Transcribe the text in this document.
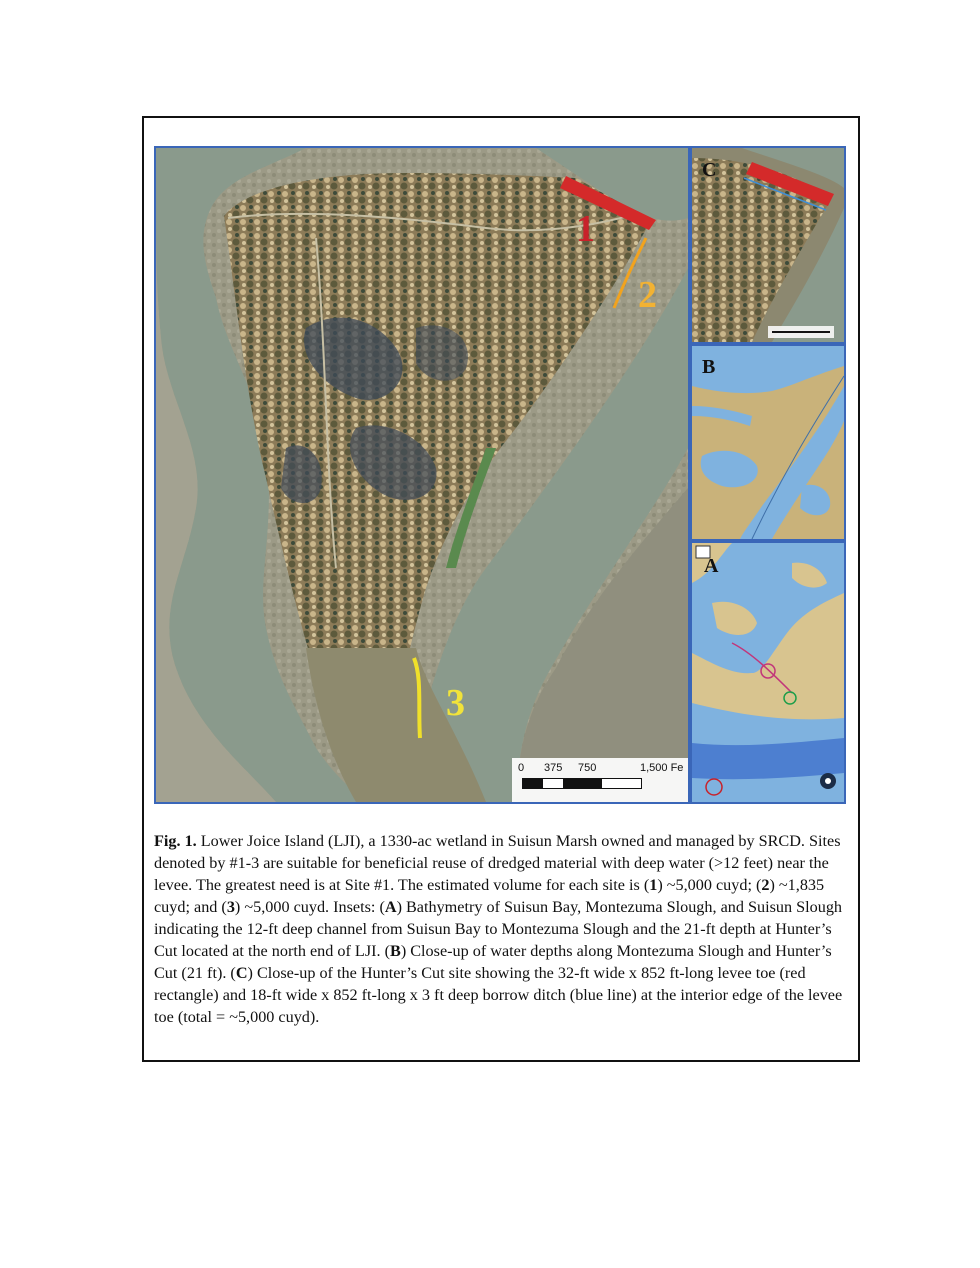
1
2
3
0 375 750	1,500 Fe
C
B
A
Fig. 1. Lower Joice Island (LJI), a 1330-ac wetland in Suisun Marsh owned and managed by SRCD. Sites denoted by #1-3 are suitable for beneficial reuse of dredged material with deep water (>12 feet) near the levee. The greatest need is at Site #1. The estimated volume for each site is (1) ~5,000 cuyd; (2) ~1,835 cuyd; and (3) ~5,000 cuyd. Insets: (A) Bathymetry of Suisun Bay, Montezuma Slough, and Suisun Slough indicating the 12-ft deep channel from Suisun Bay to Montezuma Slough and the 21-ft depth at Hunter’s Cut located at the north end of LJI. (B) Close-up of water depths along Montezuma Slough and Hunter’s Cut (21 ft). (C) Close-up of the Hunter’s Cut site showing the 32-ft wide x 852 ft-long levee toe (red rectangle) and 18-ft wide x 852 ft-long x 3 ft deep borrow ditch (blue line) at the interior edge of the levee toe (total = ~5,000 cuyd).
